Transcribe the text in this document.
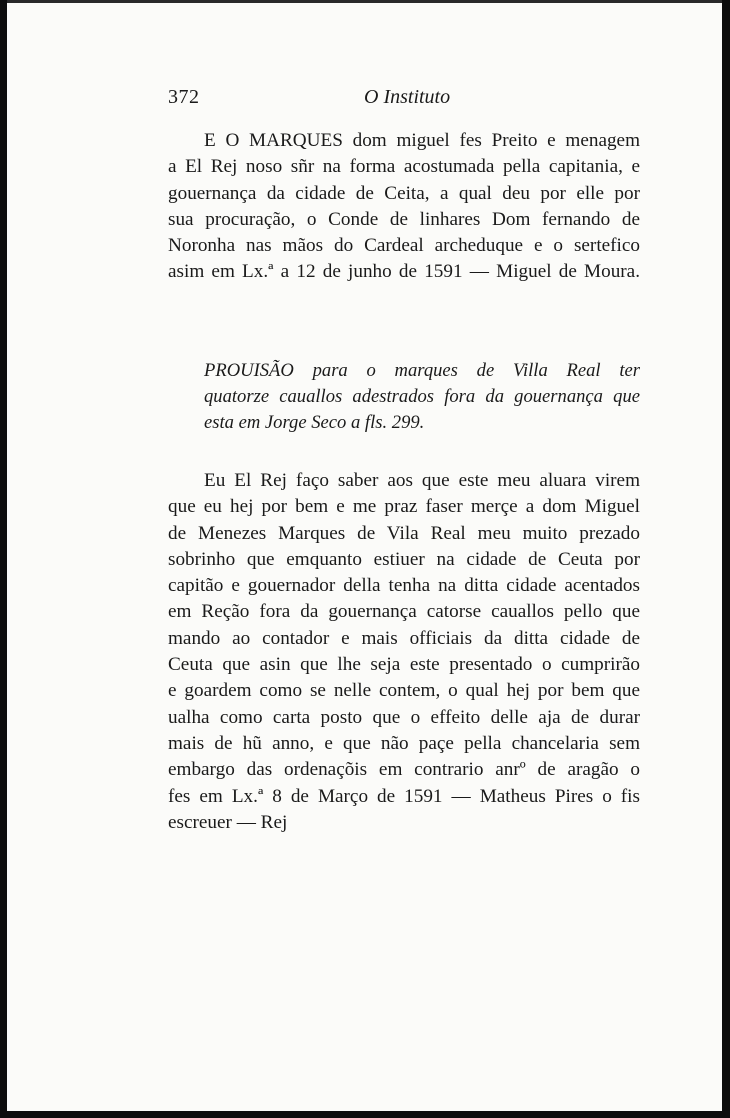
372	O Instituto
E O MARQUES dom miguel fes Preito e menagem
a El Rej noso sñr na forma acostumada pella capitania, e
gouernança da cidade de Ceita, a qual deu por elle por
sua procuração, o Conde de linhares Dom fernando de
Noronha nas mãos do Cardeal archeduque e o sertefico
asim em Lx.ª a 12 de junho de 1591 — Miguel de Moura.
PROUISÃO para o marques de Villa Real ter
quatorze cauallos adestrados fora da gouernança que
esta em Jorge Seco a fls. 299.
Eu El Rej faço saber aos que este meu aluara virem
que eu hej por bem e me praz faser merçe a dom Miguel
de Menezes Marques de Vila Real meu muito prezado
sobrinho que emquanto estiuer na cidade de Ceuta por
capitão e gouernador della tenha na ditta cidade acentados
em Reção fora da gouernança catorse cauallos pello que
mando ao contador e mais officiais da ditta cidade de
Ceuta que asin que lhe seja este presentado o cumprirão
e goardem como se nelle contem, o qual hej por bem que
ualha como carta posto que o effeito delle aja de durar
mais de hũ anno, e que não paçe pella chancelaria sem
embargo das ordenaçõis em contrario anrº de aragão o
fes em Lx.ª 8 de Março de 1591 — Matheus Pires o fis
escreuer — Rej
